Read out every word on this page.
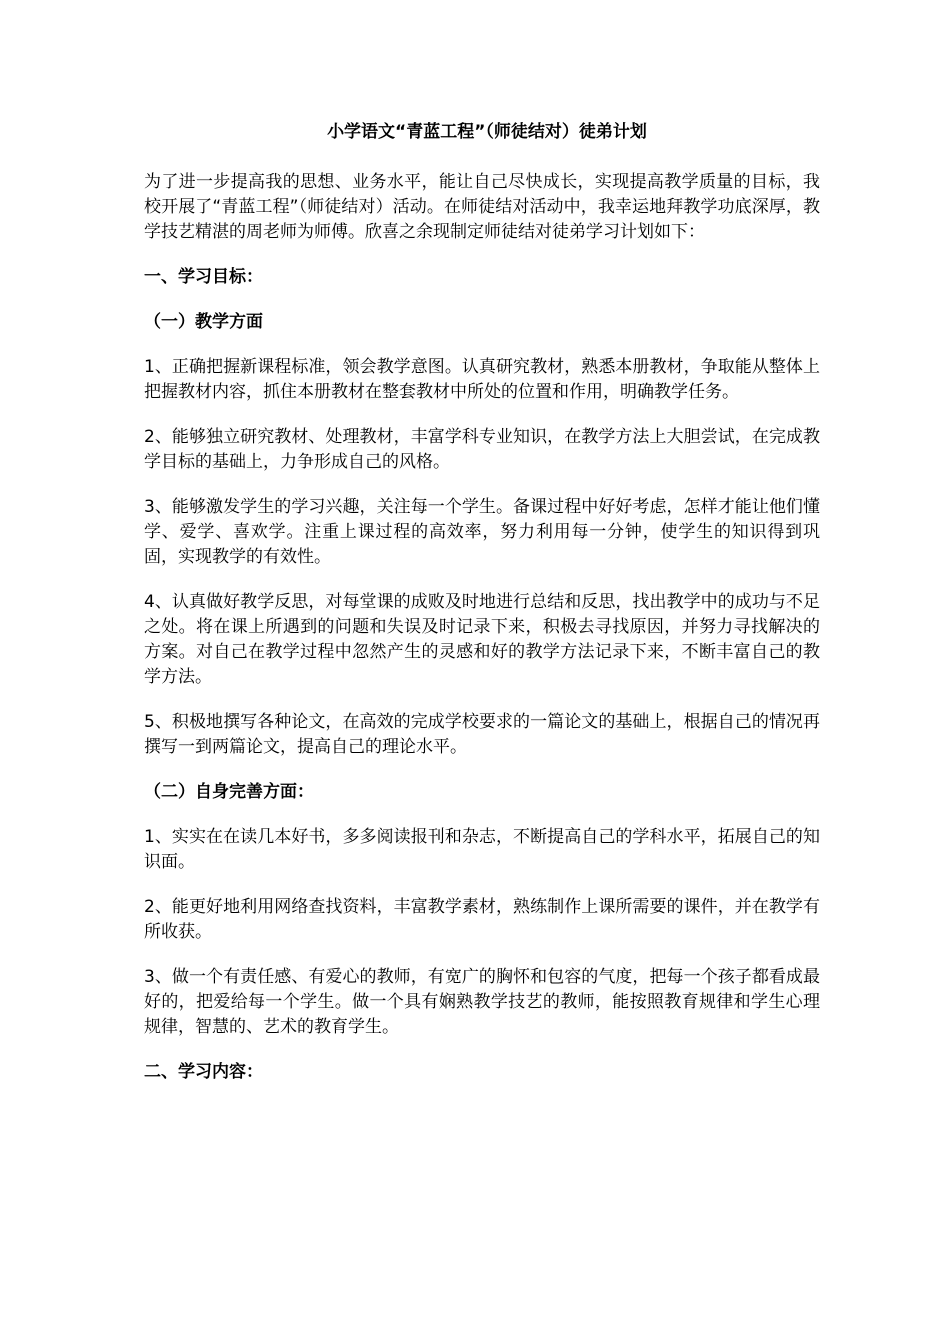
小学语文“青蓝工程”（师徒结对）徒弟计划

为了进一步提高我的思想、业务水平，能让自己尽快成长，实现提高教学质量的目标，我校开展了“青蓝工程”（师徒结对）活动。在师徒结对活动中，我幸运地拜教学功底深厚，教学技艺精湛的周老师为师傅。欣喜之余现制定师徒结对徒弟学习计划如下：

一、学习目标：
（一）教学方面

1、正确把握新课程标准，领会教学意图。认真研究教材，熟悉本册教材，争取能从整体上把握教材内容，抓住本册教材在整套教材中所处的位置和作用，明确教学任务。

2、能够独立研究教材、处理教材，丰富学科专业知识，在教学方法上大胆尝试，在完成教学目标的基础上，力争形成自己的风格。

3、能够激发学生的学习兴趣，关注每一个学生。备课过程中好好考虑，怎样才能让他们懂学、爱学、喜欢学。注重上课过程的高效率，努力利用每一分钟，使学生的知识得到巩固，实现教学的有效性。

4、认真做好教学反思，对每堂课的成败及时地进行总结和反思，找出教学中的成功与不足之处。将在课上所遇到的问题和失误及时记录下来，积极去寻找原因，并努力寻找解决的方案。对自己在教学过程中忽然产生的灵感和好的教学方法记录下来，不断丰富自己的教学方法。

5、积极地撰写各种论文，在高效的完成学校要求的一篇论文的基础上，根据自己的情况再撰写一到两篇论文，提高自己的理论水平。

（二）自身完善方面：

1、实实在在读几本好书，多多阅读报刊和杂志，不断提高自己的学科水平，拓展自己的知识面。

2、能更好地利用网络查找资料，丰富教学素材，熟练制作上课所需要的课件，并在教学有所收获。

3、做一个有责任感、有爱心的教师，有宽广的胸怀和包容的气度，把每一个孩子都看成最好的，把爱给每一个学生。做一个具有娴熟教学技艺的教师，能按照教育规律和学生心理规律，智慧的、艺术的教育学生。

二、学习内容：
